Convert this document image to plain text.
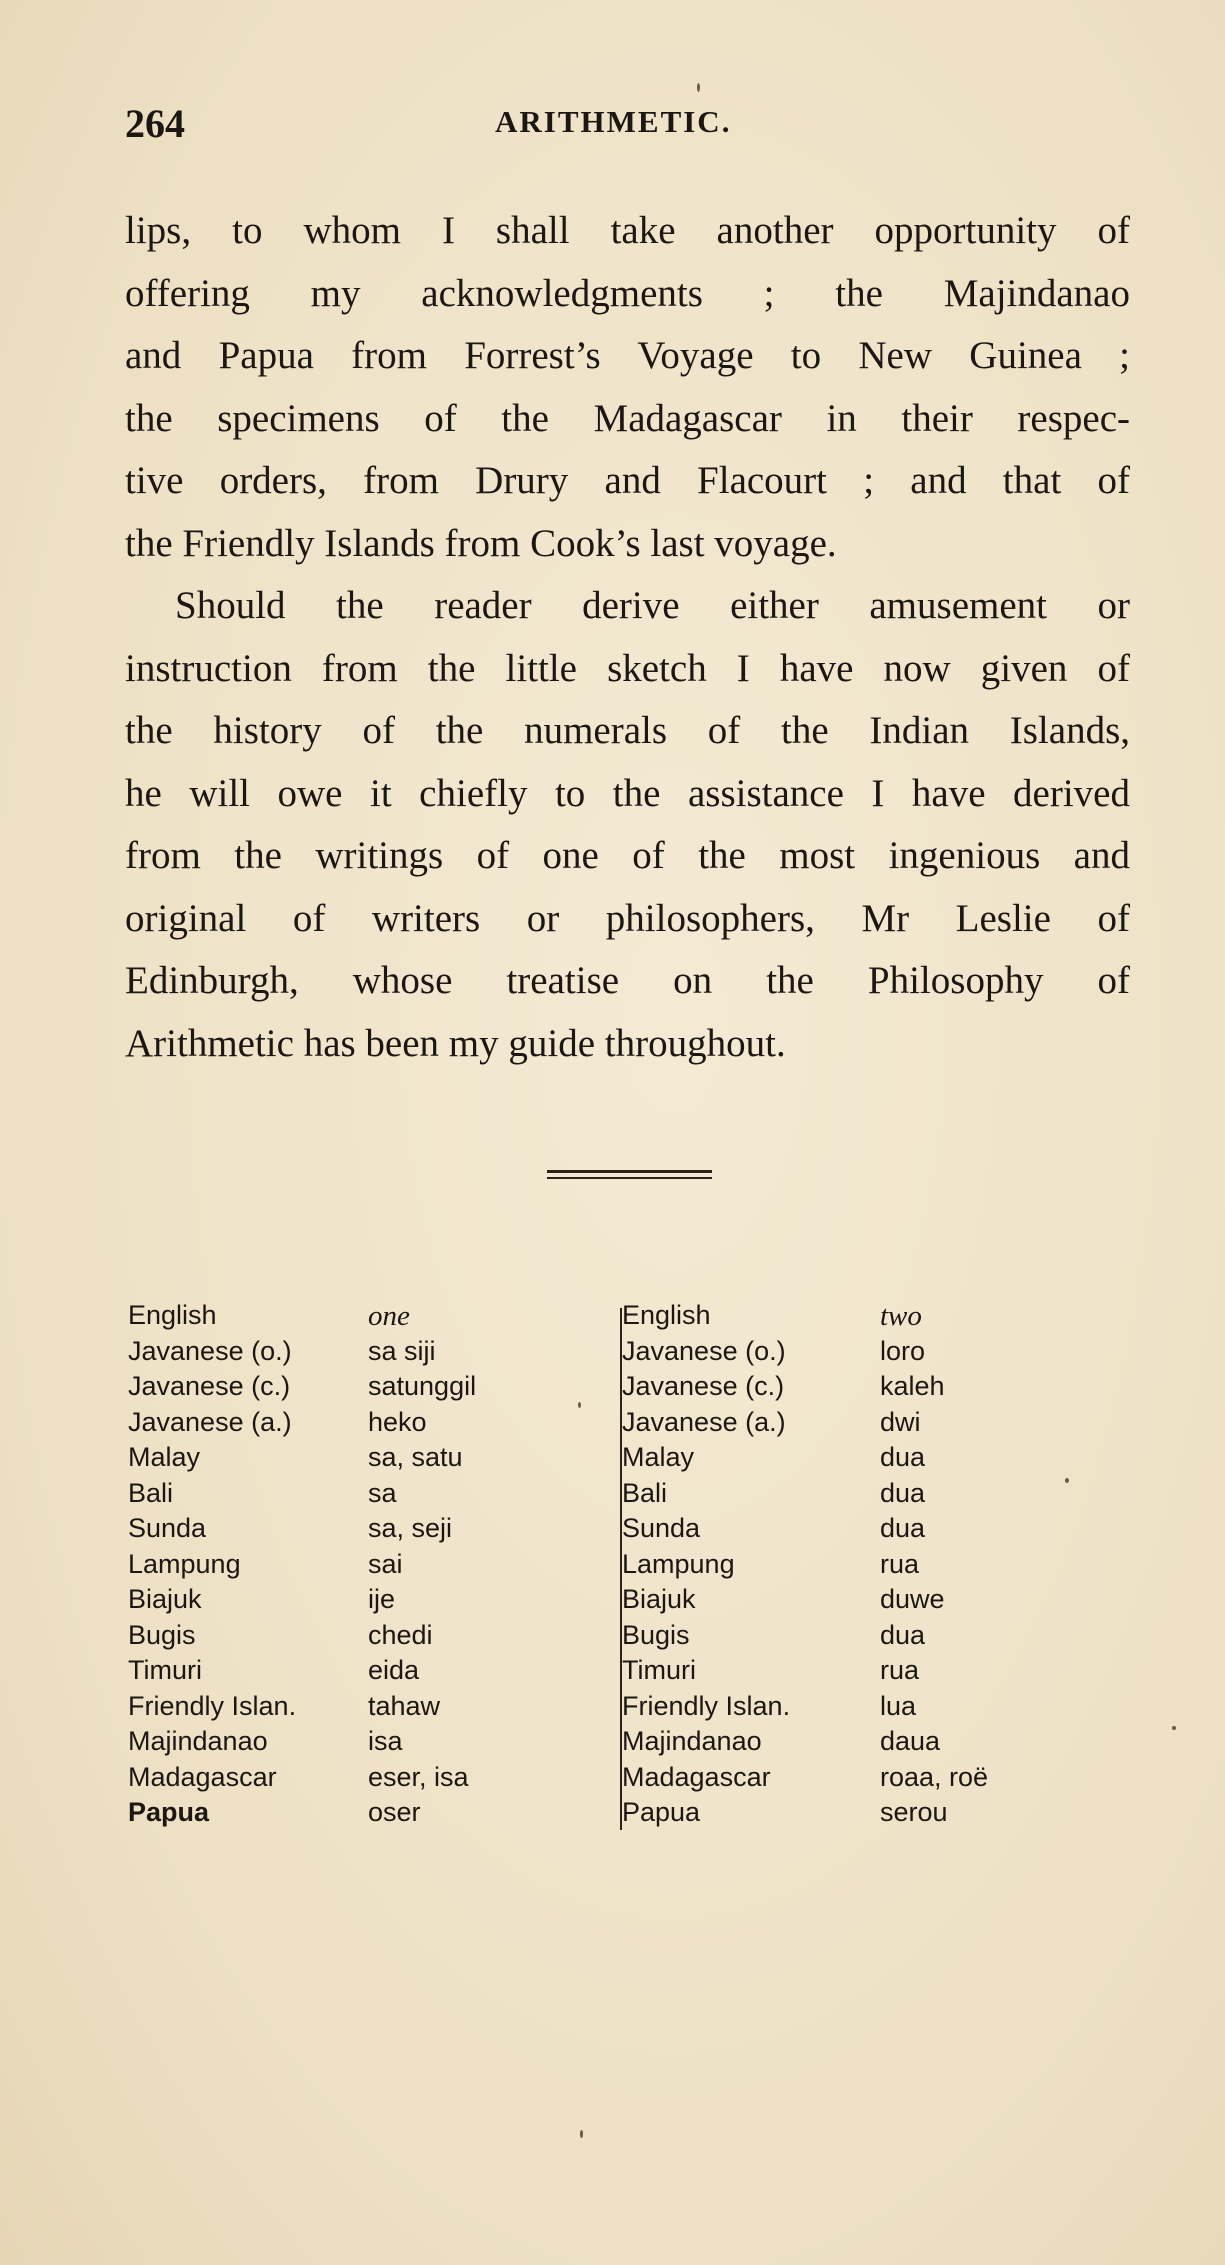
264	ARITHMETIC.
lips, to whom I shall take another opportunity of
offering my acknowledgments ; the Majindanao
and Papua from Forrest’s Voyage to New Guinea ;
the specimens of the Madagascar in their respec-
tive orders, from Drury and Flacourt ; and that of
the Friendly Islands from Cook’s last voyage.
Should the reader derive either amusement or
instruction from the little sketch I have now given of
the history of the numerals of the Indian Islands,
he will owe it chiefly to the assistance I have derived
from the writings of one of the most ingenious and
original of writers or philosophers, Mr Leslie of
Edinburgh, whose treatise on the Philosophy of
Arithmetic has been my guide throughout.
English	one
Javanese (o.)	sa siji
Javanese (c.)	satunggil
Javanese (a.)	heko
Malay	sa, satu
Bali	sa
Sunda	sa, seji
Lampung	sai
Biajuk	ije
Bugis	chedi
Timuri	eida
Friendly Islan.	tahaw
Majindanao	isa
Madagascar	eser, isa
Papua	oser
English	two
Javanese (o.)	loro
Javanese (c.)	kaleh
Javanese (a.)	dwi
Malay	dua
Bali	dua
Sunda	dua
Lampung	rua
Biajuk	duwe
Bugis	dua
Timuri	rua
Friendly Islan.	lua
Majindanao	daua
Madagascar	roaa, roë
Papua	serou
